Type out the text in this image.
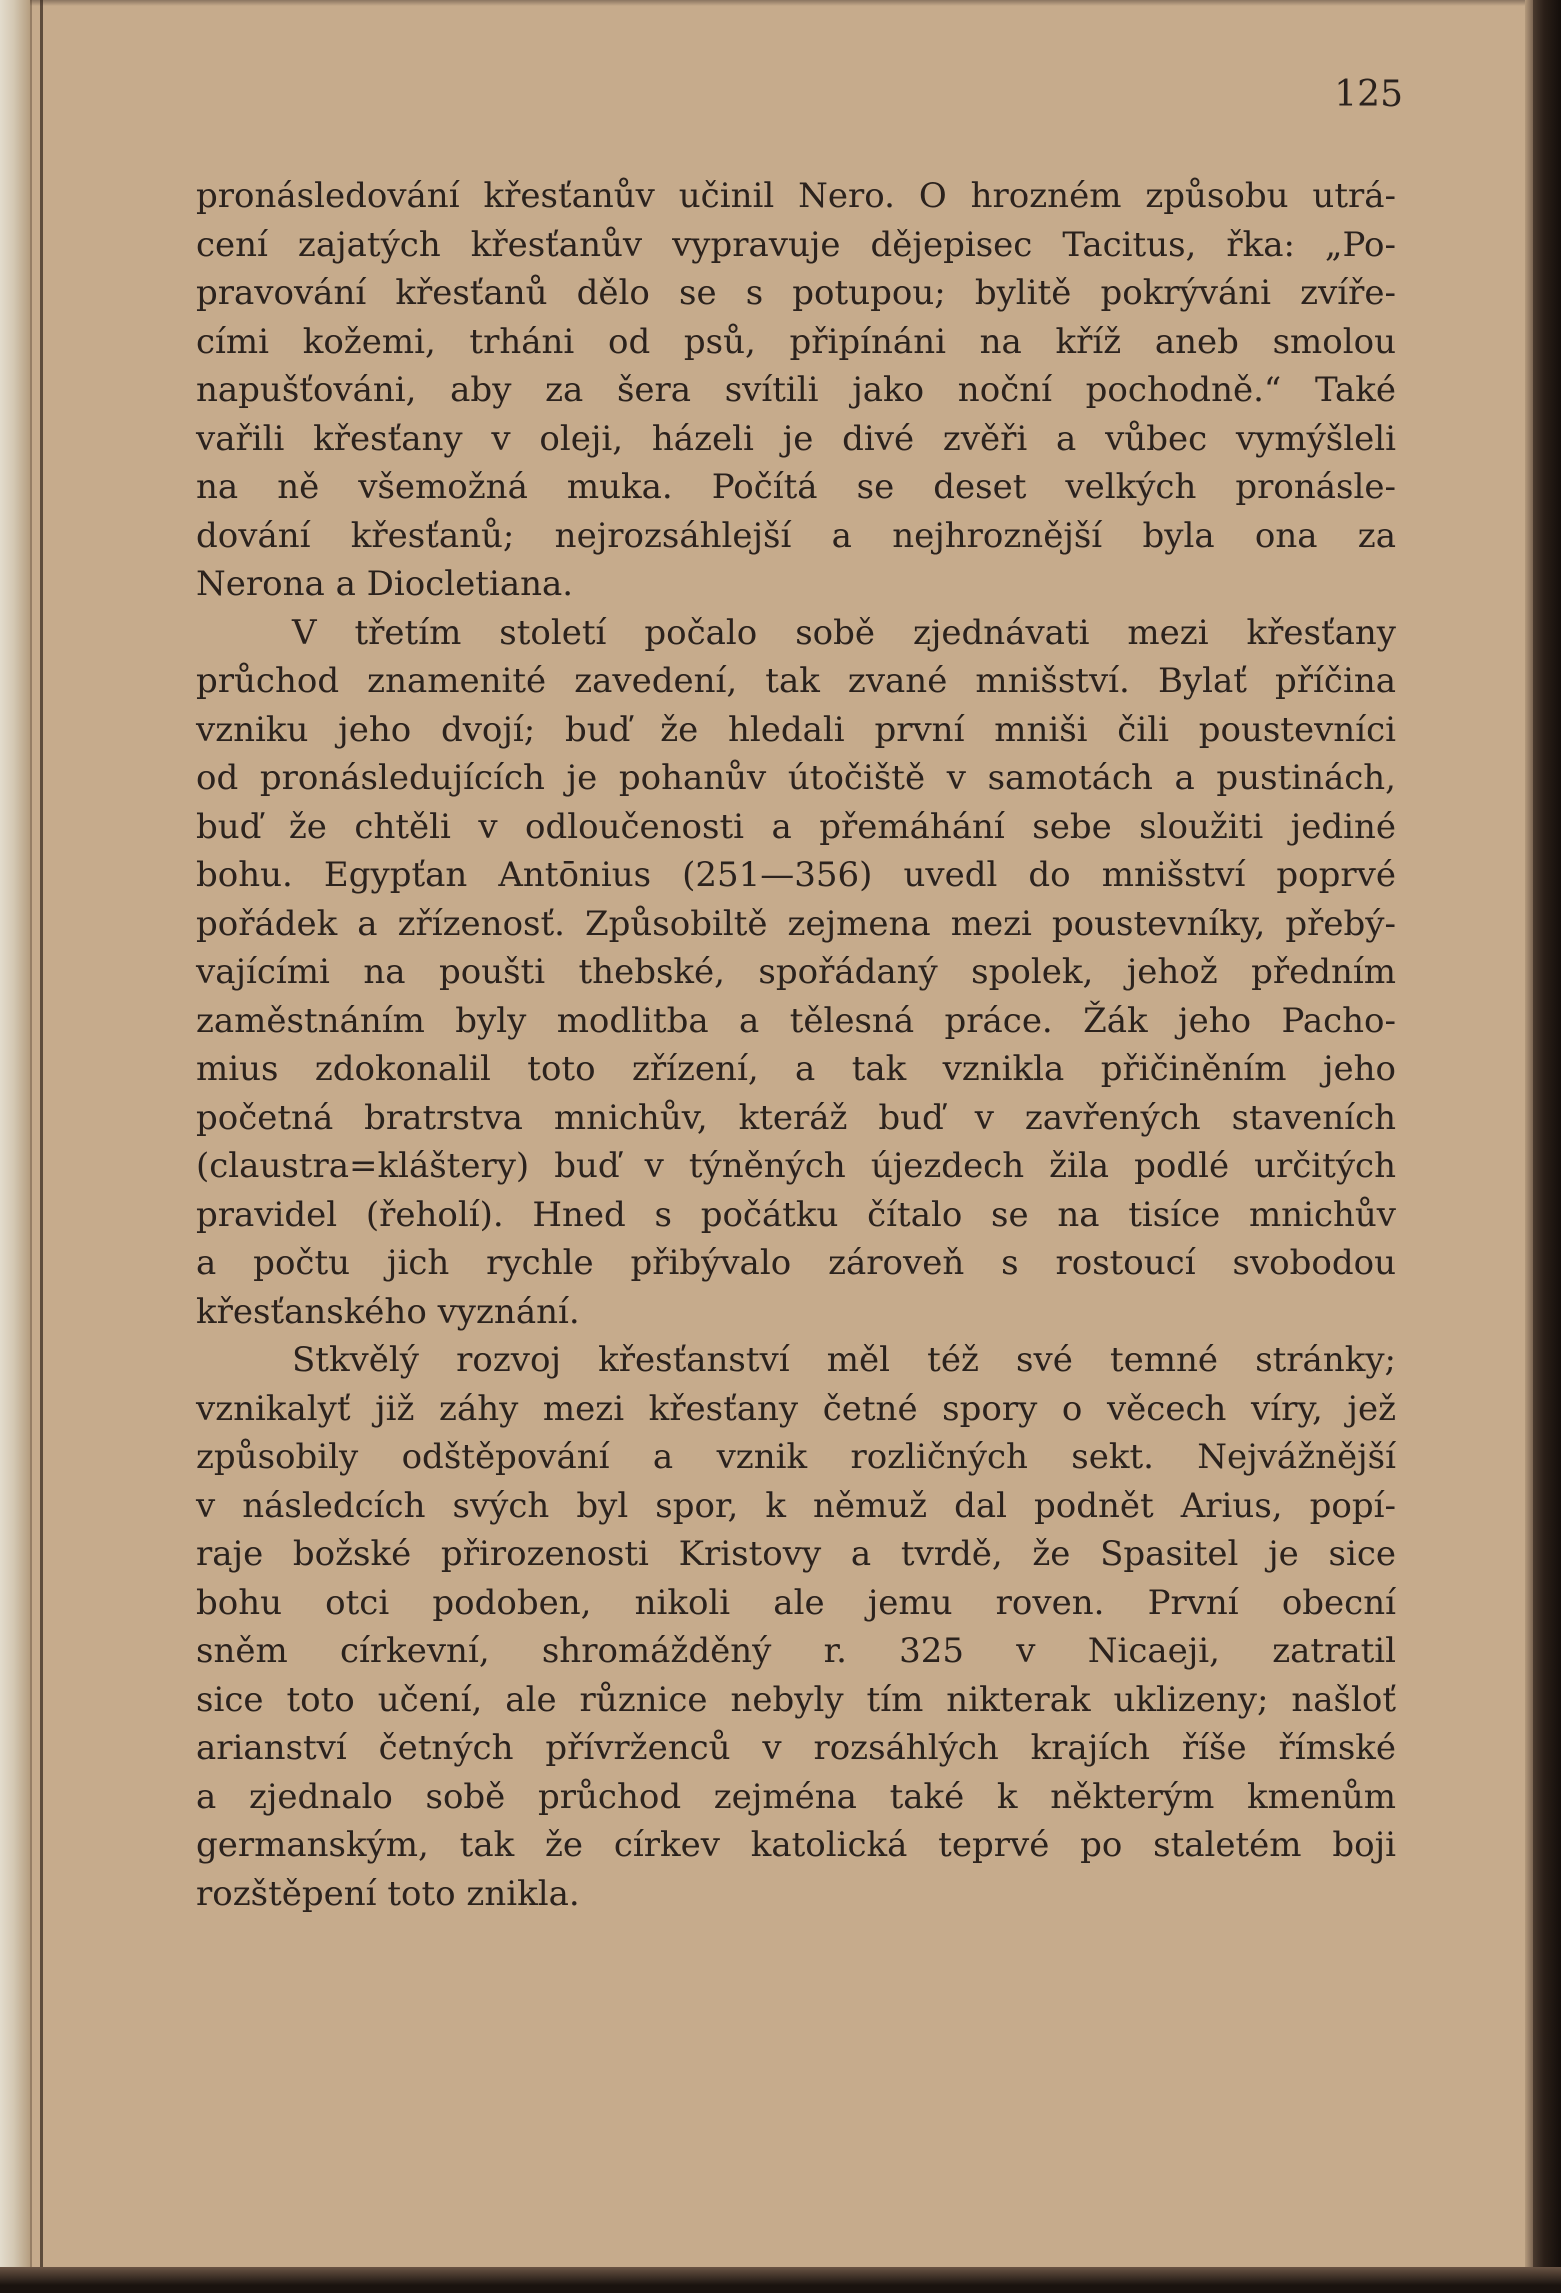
125
pronásledování křesťanův učinil Nero. O hrozném způsobu utrá-
cení zajatých křesťanův vypravuje dějepisec Tacitus, řka: „Po-
pravování křesťanů dělo se s potupou; bylitě pokrýváni zvíře-
cími kožemi, trháni od psů, připínáni na kříž aneb smolou
napušťováni, aby za šera svítili jako noční pochodně.“ Také
vařili křesťany v oleji, házeli je divé zvěři a vůbec vymýšleli
na ně všemožná muka. Počítá se deset velkých pronásle-
dování křesťanů; nejrozsáhlejší a nejhroznější byla ona za
Nerona a Diocletiana.
V třetím století počalo sobě zjednávati mezi křesťany
průchod znamenité zavedení, tak zvané mnišství. Bylať příčina
vzniku jeho dvojí; buď že hledali první mniši čili poustevníci
od pronásledujících je pohanův útočiště v samotách a pustinách,
buď že chtěli v odloučenosti a přemáhání sebe sloužiti jediné
bohu. Egypťan Antōnius (251—356) uvedl do mnišství poprvé
pořádek a zřízenosť. Způsobiltě zejmena mezi poustevníky, přebý-
vajícími na poušti thebské, spořádaný spolek, jehož předním
zaměstnáním byly modlitba a tělesná práce. Žák jeho Pacho-
mius zdokonalil toto zřízení, a tak vznikla přičiněním jeho
početná bratrstva mnichův, kteráž buď v zavřených staveních
(claustra=kláštery) buď v týněných újezdech žila podlé určitých
pravidel (řeholí). Hned s počátku čítalo se na tisíce mnichův
a počtu jich rychle přibývalo zároveň s rostoucí svobodou
křesťanského vyznání.
Stkvělý rozvoj křesťanství měl též své temné stránky;
vznikalyť již záhy mezi křesťany četné spory o věcech víry, jež
způsobily odštěpování a vznik rozličných sekt. Nejvážnější
v následcích svých byl spor, k němuž dal podnět Arius, popí-
raje božské přirozenosti Kristovy a tvrdě, že Spasitel je sice
bohu otci podoben, nikoli ale jemu roven. První obecní
sněm církevní, shromážděný r. 325 v Nicaeji, zatratil
sice toto učení, ale různice nebyly tím nikterak uklizeny; našloť
arianství četných přívrženců v rozsáhlých krajích říše římské
a zjednalo sobě průchod zejména také k některým kmenům
germanským, tak že církev katolická teprvé po staletém boji
rozštěpení toto znikla.
